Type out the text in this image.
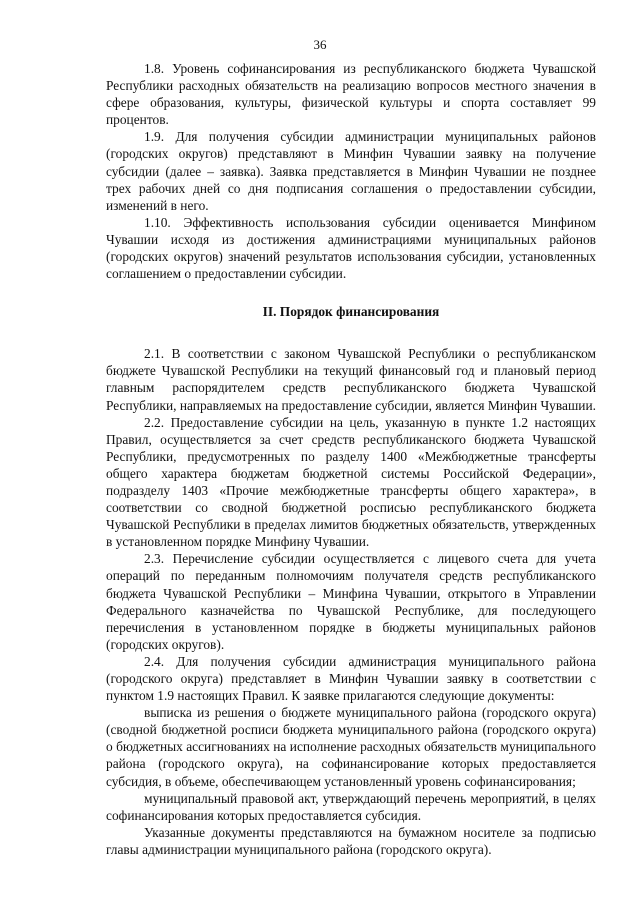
36

1.8. Уровень софинансирования из республиканского бюджета Чувашской Республики расходных обязательств на реализацию вопросов местного значения в сфере образования, культуры, физической культуры и спорта составляет 99 процентов.

1.9. Для получения субсидии администрации муниципальных районов (городских округов) представляют в Минфин Чувашии заявку на получение субсидии (далее – заявка). Заявка представляется в Минфин Чувашии не позднее трех рабочих дней со дня подписания соглашения о предоставлении субсидии, изменений в него.

1.10. Эффективность использования субсидии оценивается Минфином Чувашии исходя из достижения администрациями муниципальных районов (городских округов) значений результатов использования субсидии, установленных соглашением о предоставлении субсидии.

II. Порядок финансирования

2.1. В соответствии с законом Чувашской Республики о республиканском бюджете Чувашской Республики на текущий финансовый год и плановый период главным распорядителем средств республиканского бюджета Чувашской Республики, направляемых на предоставление субсидии, является Минфин Чувашии.

2.2. Предоставление субсидии на цель, указанную в пункте 1.2 настоящих Правил, осуществляется за счет средств республиканского бюджета Чувашской Республики, предусмотренных по разделу 1400 «Межбюджетные трансферты общего характера бюджетам бюджетной системы Российской Федерации», подразделу 1403 «Прочие межбюджетные трансферты общего характера», в соответствии со сводной бюджетной росписью республиканского бюджета Чувашской Республики в пределах лимитов бюджетных обязательств, утвержденных в установленном порядке Минфину Чувашии.

2.3. Перечисление субсидии осуществляется с лицевого счета для учета операций по переданным полномочиям получателя средств республиканского бюджета Чувашской Республики – Минфина Чувашии, открытого в Управлении Федерального казначейства по Чувашской Республике, для последующего перечисления в установленном порядке в бюджеты муниципальных районов (городских округов).

2.4. Для получения субсидии администрация муниципального района (городского округа) представляет в Минфин Чувашии заявку в соответствии с пунктом 1.9 настоящих Правил. К заявке прилагаются следующие документы:

выписка из решения о бюджете муниципального района (городского округа) (сводной бюджетной росписи бюджета муниципального района (городского округа) о бюджетных ассигнованиях на исполнение расходных обязательств муниципального района (городского округа), на софинансирование которых предоставляется субсидия, в объеме, обеспечивающем установленный уровень софинансирования;

муниципальный правовой акт, утверждающий перечень мероприятий, в целях софинансирования которых предоставляется субсидия.

Указанные документы представляются на бумажном носителе за подписью главы администрации муниципального района (городского округа).
